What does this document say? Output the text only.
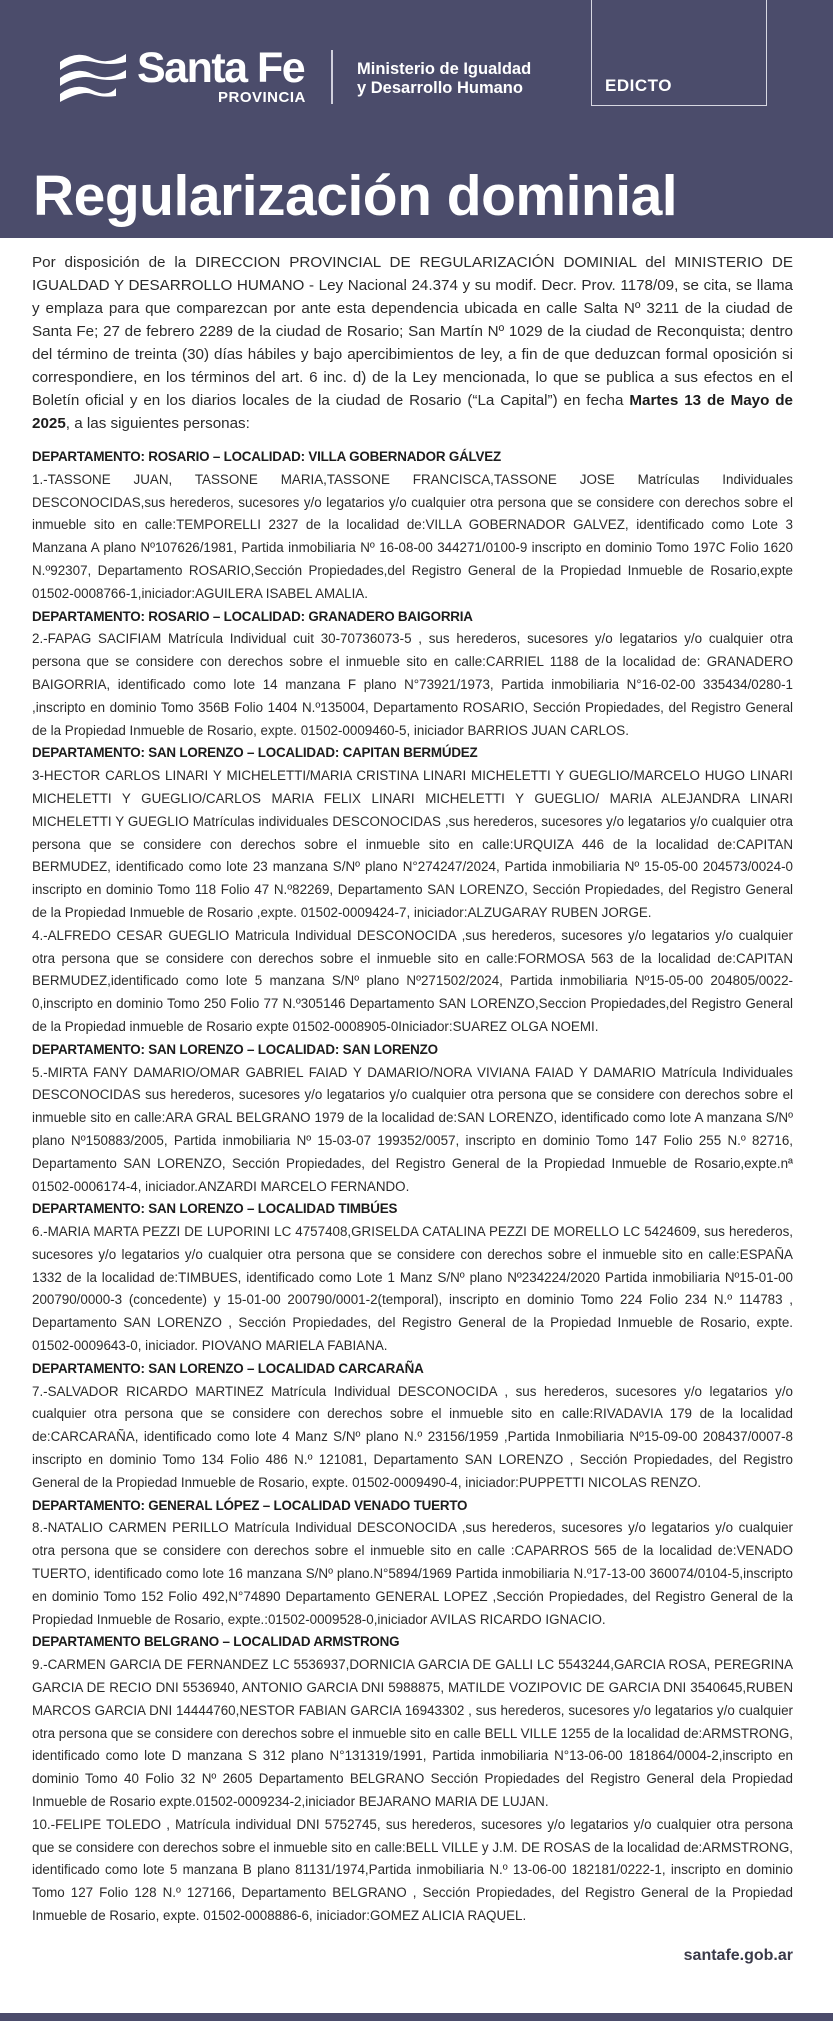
Santa Fe
PROVINCIA
Ministerio de Igualdad
y Desarrollo Humano	EDICTO
Regularización dominial

Por disposición de la DIRECCION PROVINCIAL DE REGULARIZACIÓN DOMINIAL del MINISTERIO DE IGUALDAD Y DESARROLLO HUMANO - Ley Nacional 24.374 y su modif. Decr. Prov. 1178/09, se cita, se llama y emplaza para que comparezcan por ante esta dependencia ubicada en calle Salta Nº 3211 de la ciudad de Santa Fe; 27 de febrero 2289 de la ciudad de Rosario; San Martín Nº 1029 de la ciudad de Reconquista; dentro del término de treinta (30) días hábiles y bajo apercibimientos de ley, a fin de que deduzcan formal oposición si correspondiere, en los términos del art. 6 inc. d) de la Ley mencionada, lo que se publica a sus efectos en el Boletín oficial y en los diarios locales de la ciudad de Rosario (“La Capital”) en fecha Martes 13 de Mayo de 2025, a las siguientes personas:

DEPARTAMENTO: ROSARIO – LOCALIDAD: VILLA GOBERNADOR GÁLVEZ

1.-TASSONE JUAN, TASSONE MARIA,TASSONE FRANCISCA,TASSONE JOSE Matrículas Individuales DESCONOCIDAS,sus herederos, sucesores y/o legatarios y/o cualquier otra persona que se considere con derechos sobre el inmueble sito en calle:TEMPORELLI 2327 de la localidad de:VILLA GOBERNADOR GALVEZ, identificado como Lote 3 Manzana A plano Nº107626/1981, Partida inmobiliaria Nº 16-08-00 344271/0100-9 inscripto en dominio Tomo 197C Folio 1620 N.º92307, Departamento ROSARIO,Sección Propiedades,del Registro General de la Propiedad Inmueble de Rosario,expte 01502-0008766-1,iniciador:AGUILERA ISABEL AMALIA.

DEPARTAMENTO: ROSARIO – LOCALIDAD: GRANADERO BAIGORRIA

2.-FAPAG SACIFIAM Matrícula Individual cuit 30-70736073-5 , sus herederos, sucesores y/o legatarios y/o cualquier otra persona que se considere con derechos sobre el inmueble sito en calle:CARRIEL 1188 de la localidad de: GRANADERO BAIGORRIA, identificado como lote 14 manzana F plano N°73921/1973, Partida inmobiliaria N°16-02-00 335434/0280-1 ,inscripto en dominio Tomo 356B Folio 1404 N.º135004, Departamento ROSARIO, Sección Propiedades, del Registro General de la Propiedad Inmueble de Rosario, expte. 01502-0009460-5, iniciador BARRIOS JUAN CARLOS.

DEPARTAMENTO: SAN LORENZO – LOCALIDAD: CAPITAN BERMÚDEZ

3-HECTOR CARLOS LINARI Y MICHELETTI/MARIA CRISTINA LINARI MICHELETTI Y GUEGLIO/MARCELO HUGO LINARI MICHELETTI Y GUEGLIO/CARLOS MARIA FELIX LINARI MICHELETTI Y GUEGLIO/ MARIA ALEJANDRA LINARI MICHELETTI Y GUEGLIO Matrículas individuales DESCONOCIDAS ,sus herederos, sucesores y/o legatarios y/o cualquier otra persona que se considere con derechos sobre el inmueble sito en calle:URQUIZA 446 de la localidad de:CAPITAN BERMUDEZ, identificado como lote 23 manzana S/Nº plano N°274247/2024, Partida inmobiliaria Nº 15-05-00 204573/0024-0 inscripto en dominio Tomo 118 Folio 47 N.º82269, Departamento SAN LORENZO, Sección Propiedades, del Registro General de la Propiedad Inmueble de Rosario ,expte. 01502-0009424-7, iniciador:ALZUGARAY RUBEN JORGE.

4.-ALFREDO CESAR GUEGLIO Matricula Individual DESCONOCIDA ,sus herederos, sucesores y/o legatarios y/o cualquier otra persona que se considere con derechos sobre el inmueble sito en calle:FORMOSA 563 de la localidad de:CAPITAN BERMUDEZ,identificado como lote 5 manzana S/Nº plano Nº271502/2024, Partida inmobiliaria Nº15-05-00 204805/0022-0,inscripto en dominio Tomo 250 Folio 77 N.º305146 Departamento SAN LORENZO,Seccion Propiedades,del Registro General de la Propiedad inmueble de Rosario expte 01502-0008905-0Iniciador:SUAREZ OLGA NOEMI.

DEPARTAMENTO: SAN LORENZO – LOCALIDAD: SAN LORENZO

5.-MIRTA FANY DAMARIO/OMAR GABRIEL FAIAD Y DAMARIO/NORA VIVIANA FAIAD Y DAMARIO Matrícula Individuales DESCONOCIDAS sus herederos, sucesores y/o legatarios y/o cualquier otra persona que se considere con derechos sobre el inmueble sito en calle:ARA GRAL BELGRANO 1979 de la localidad de:SAN LORENZO, identificado como lote A manzana S/Nº plano Nº150883/2005, Partida inmobiliaria Nº 15-03-07 199352/0057, inscripto en dominio Tomo 147 Folio 255 N.º 82716, Departamento SAN LORENZO, Sección Propiedades, del Registro General de la Propiedad Inmueble de Rosario,expte.nª 01502-0006174-4, iniciador.ANZARDI MARCELO FERNANDO.

DEPARTAMENTO: SAN LORENZO – LOCALIDAD TIMBÚES

6.-MARIA MARTA PEZZI DE LUPORINI LC 4757408,GRISELDA CATALINA PEZZI DE MORELLO LC 5424609, sus herederos, sucesores y/o legatarios y/o cualquier otra persona que se considere con derechos sobre el inmueble sito en calle:ESPAÑA 1332 de la localidad de:TIMBUES, identificado como Lote 1 Manz S/Nº plano Nº234224/2020 Partida inmobiliaria Nº15-01-00 200790/0000-3 (concedente) y 15-01-00 200790/0001-2(temporal), inscripto en dominio Tomo 224 Folio 234 N.º 114783 , Departamento SAN LORENZO , Sección Propiedades, del Registro General de la Propiedad Inmueble de Rosario, expte. 01502-0009643-0, iniciador. PIOVANO MARIELA FABIANA.

DEPARTAMENTO: SAN LORENZO – LOCALIDAD CARCARAÑA

7.-SALVADOR RICARDO MARTINEZ Matrícula Individual DESCONOCIDA , sus herederos, sucesores y/o legatarios y/o cualquier otra persona que se considere con derechos sobre el inmueble sito en calle:RIVADAVIA 179 de la localidad de:CARCARAÑA, identificado como lote 4 Manz S/Nº plano N.º 23156/1959 ,Partida Inmobiliaria Nº15-09-00 208437/0007-8 inscripto en dominio Tomo 134 Folio 486 N.º 121081, Departamento SAN LORENZO , Sección Propiedades, del Registro General de la Propiedad Inmueble de Rosario, expte. 01502-0009490-4, iniciador:PUPPETTI NICOLAS RENZO.

DEPARTAMENTO: GENERAL LÓPEZ – LOCALIDAD VENADO TUERTO

8.-NATALIO CARMEN PERILLO Matrícula Individual DESCONOCIDA ,sus herederos, sucesores y/o legatarios y/o cualquier otra persona que se considere con derechos sobre el inmueble sito en calle :CAPARROS 565 de la localidad de:VENADO TUERTO, identificado como lote 16 manzana S/Nº plano.N°5894/1969 Partida inmobiliaria N.º17-13-00 360074/0104-5,inscripto en dominio Tomo 152 Folio 492,N°74890 Departamento GENERAL LOPEZ ,Sección Propiedades, del Registro General de la Propiedad Inmueble de Rosario, expte.:01502-0009528-0,iniciador AVILAS RICARDO IGNACIO.

DEPARTAMENTO BELGRANO – LOCALIDAD ARMSTRONG

9.-CARMEN GARCIA DE FERNANDEZ LC 5536937,DORNICIA GARCIA DE GALLI LC 5543244,GARCIA ROSA, PEREGRINA GARCIA DE RECIO DNI 5536940, ANTONIO GARCIA DNI 5988875, MATILDE VOZIPOVIC DE GARCIA DNI 3540645,RUBEN MARCOS GARCIA DNI 14444760,NESTOR FABIAN GARCIA 16943302 , sus herederos, sucesores y/o legatarios y/o cualquier otra persona que se considere con derechos sobre el inmueble sito en calle BELL VILLE 1255 de la localidad de:ARMSTRONG, identificado como lote D manzana S 312 plano N°131319/1991, Partida inmobiliaria N°13-06-00 181864/0004-2,inscripto en dominio Tomo 40 Folio 32 Nº 2605 Departamento BELGRANO Sección Propiedades del Registro General dela Propiedad Inmueble de Rosario expte.01502-0009234-2,iniciador BEJARANO MARIA DE LUJAN.

10.-FELIPE TOLEDO , Matrícula individual DNI 5752745, sus herederos, sucesores y/o legatarios y/o cualquier otra persona que se considere con derechos sobre el inmueble sito en calle:BELL VILLE y J.M. DE ROSAS de la localidad de:ARMSTRONG, identificado como lote 5 manzana B plano 81131/1974,Partida inmobiliaria N.º 13-06-00 182181/0222-1, inscripto en dominio Tomo 127 Folio 128 N.º 127166, Departamento BELGRANO , Sección Propiedades, del Registro General de la Propiedad Inmueble de Rosario, expte. 01502-0008886-6, iniciador:GOMEZ ALICIA RAQUEL.

santafe.gob.ar
